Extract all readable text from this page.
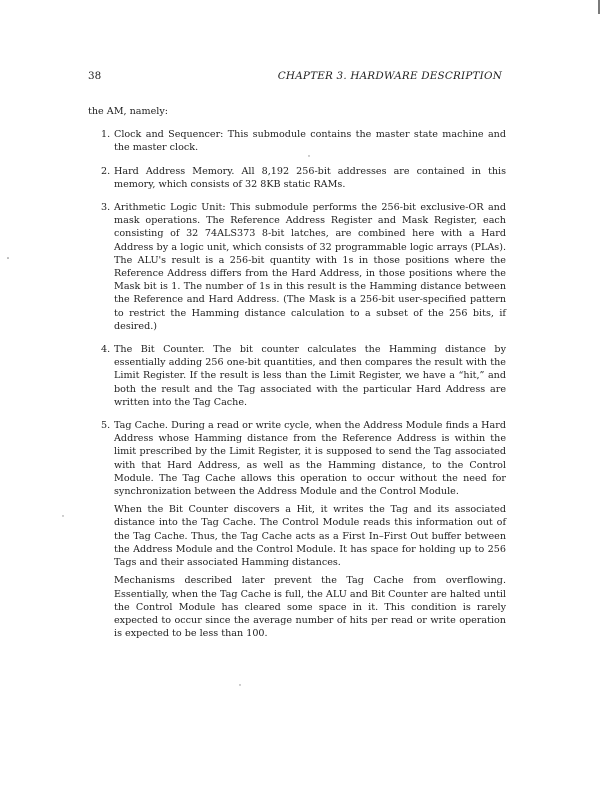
38	CHAPTER 3. HARDWARE DESCRIPTION

the AM, namely:

1. Clock and Sequencer: This submodule contains the master state machine and the master clock.

2. Hard Address Memory. All 8,192 256-bit addresses are contained in this memory, which consists of 32 8KB static RAMs.

3. Arithmetic Logic Unit: This submodule performs the 256-bit exclusive-OR and mask operations. The Reference Address Register and Mask Register, each consisting of 32 74ALS373 8-bit latches, are combined here with a Hard Address by a logic unit, which consists of 32 programmable logic arrays (PLAs). The ALU's result is a 256-bit quantity with 1s in those positions where the Reference Address differs from the Hard Address, in those positions where the Mask bit is 1. The number of 1s in this result is the Hamming distance between the Reference and Hard Address. (The Mask is a 256-bit user-specified pattern to restrict the Hamming distance calculation to a subset of the 256 bits, if desired.)

4. The Bit Counter. The bit counter calculates the Hamming distance by essentially adding 256 one-bit quantities, and then compares the result with the Limit Register. If the result is less than the Limit Register, we have a “hit,” and both the result and the Tag associated with the particular Hard Address are written into the Tag Cache.

5. Tag Cache. During a read or write cycle, when the Address Module finds a Hard Address whose Hamming distance from the Reference Address is within the limit prescribed by the Limit Register, it is supposed to send the Tag associated with that Hard Address, as well as the Hamming distance, to the Control Module. The Tag Cache allows this operation to occur without the need for synchronization between the Address Module and the Control Module.

When the Bit Counter discovers a Hit, it writes the Tag and its associated distance into the Tag Cache. The Control Module reads this information out of the Tag Cache. Thus, the Tag Cache acts as a First In–First Out buffer between the Address Module and the Control Module. It has space for holding up to 256 Tags and their associated Hamming distances.

Mechanisms described later prevent the Tag Cache from overflowing. Essentially, when the Tag Cache is full, the ALU and Bit Counter are halted until the Control Module has cleared some space in it. This condition is rarely expected to occur since the average number of hits per read or write operation is expected to be less than 100.
